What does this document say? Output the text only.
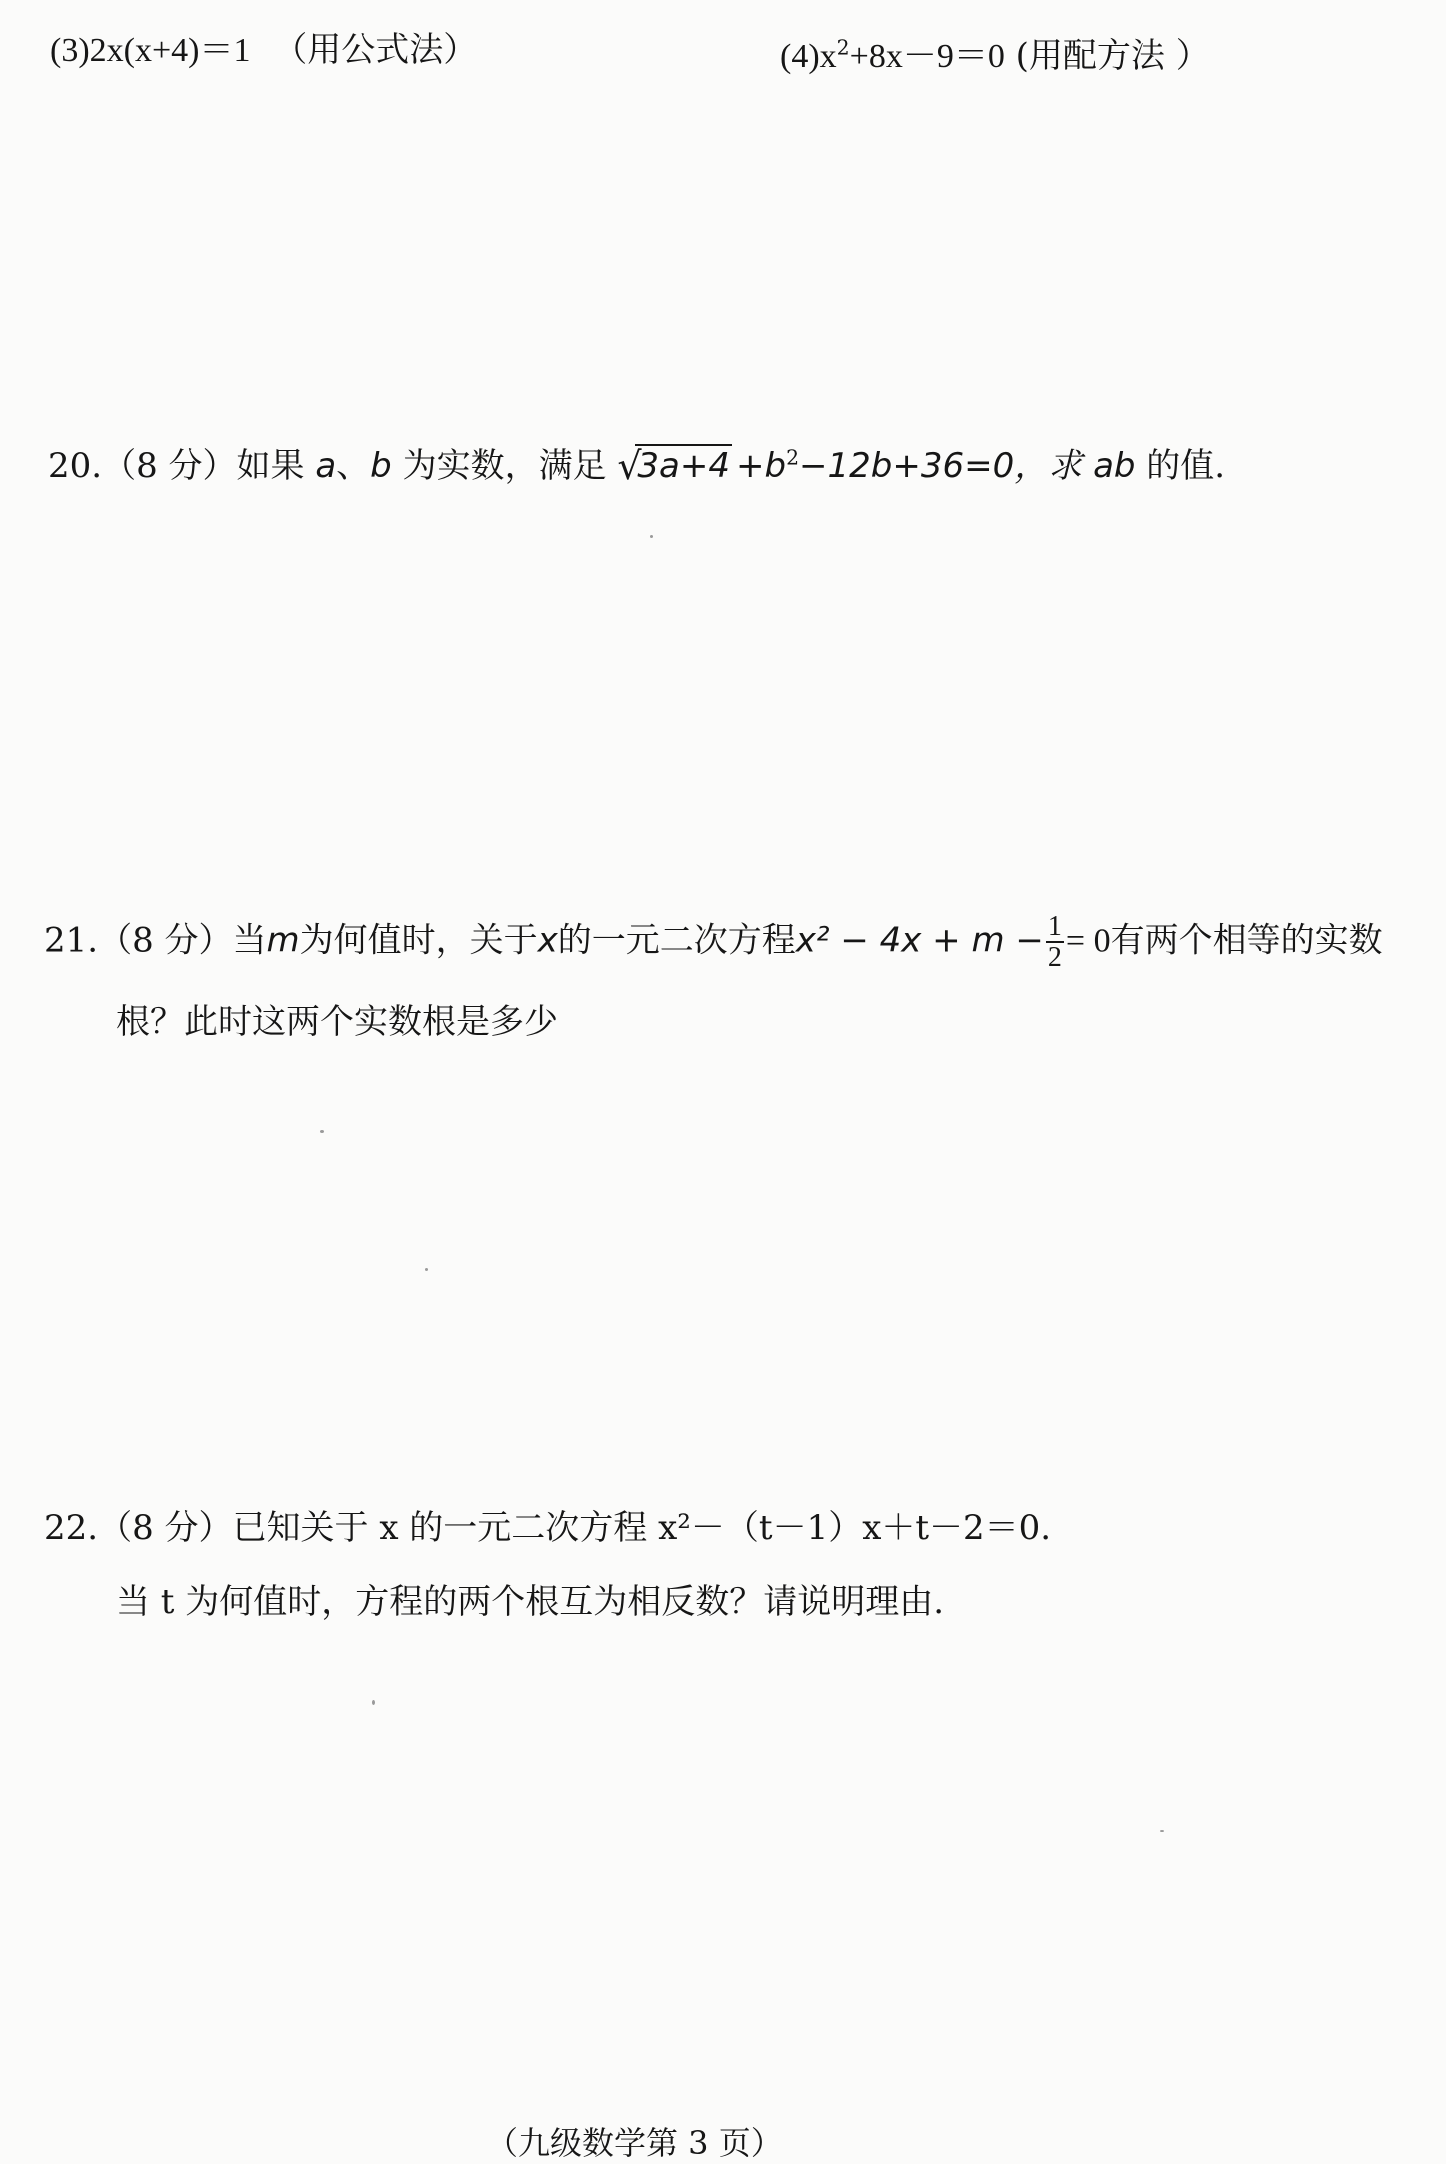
(3)2x(x+4)＝1 （用公式法）	$(4)x^2+8x-9=0$ (用配方法 ）
20.（8 分）如果 a、b 为实数，满足 √
$3a+4 +b^2-12b+36=0$，求 ab 的值.
21.（8 分）当m为何值时，关于x的一元二次方程$x^2 - 4x + m - \frac{1}{2} = 0$有两个相等的实数
根？此时这两个实数根是多少
22.（8 分）已知关于 x 的一元二次方程 x²－（t－1）x＋t－2＝0.
当 t 为何值时，方程的两个根互为相反数？请说明理由.
（九级数学第 3 页）
